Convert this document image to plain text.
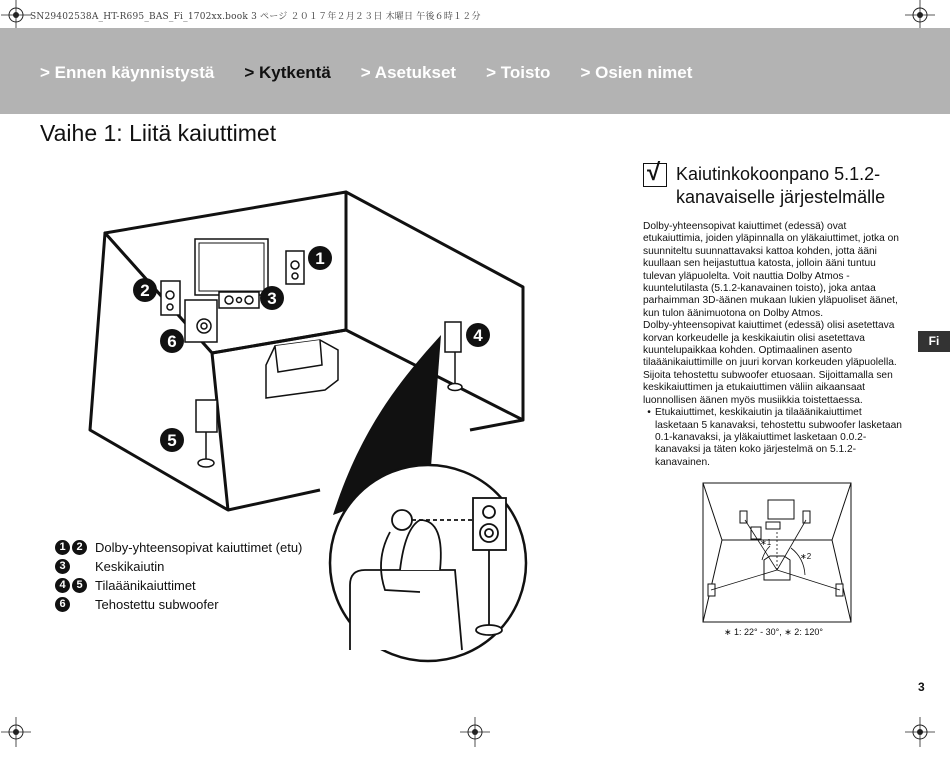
SN29402538A_HT-R695_BAS_Fi_1702xx.book 3 ページ ２０１７年２月２３日 木曜日 午後６時１２分
> Ennen käynnistystä > Kytkentä > Asetukset > Toisto > Osien nimet
Vaihe 1: Liitä kaiuttimet
1
2	3
4
5
6
1 2 Dolby-yhteensopivat kaiuttimet (etu)
3	Keskikaiutin
4 5 Tilaäänikaiuttimet
6	Tehostettu subwoofer
√ Kaiutinkokoonpano 5.1.2-
kanavaiselle järjestelmälle
Dolby-yhteensopivat kaiuttimet (edessä) ovat etukaiuttimia, joiden yläpinnalla on yläkaiuttimet, jotka on suunniteltu suunnattavaksi kattoa kohden, jotta ääni kuullaan sen heijastuttua katosta, jolloin ääni tuntuu tulevan yläpuolelta. Voit nauttia Dolby Atmos -kuuntelutilasta (5.1.2-kanavainen toisto), joka antaa parhaimman 3D-äänen mukaan lukien yläpuoliset äänet, kun tulon äänimuotona on Dolby Atmos.
Dolby-yhteensopivat kaiuttimet (edessä) olisi asetettava korvan korkeudelle ja keskikaiutin olisi asetettava kuuntelupaikkaa kohden. Optimaalinen asento tilaäänikaiuttimille on juuri korvan korkeuden yläpuolella. Sijoita tehostettu subwoofer etuosaan. Sijoittamalla sen keskikaiuttimen ja etukaiuttimen väliin aikaansaat luonnollisen äänen myös musiikkia toistettaessa.
• Etukaiuttimet, keskikaiutin ja tilaäänikaiuttimet lasketaan 5 kanavaksi, tehostettu subwoofer lasketaan 0.1-kanavaksi, ja yläkaiuttimet lasketaan 0.0.2-kanavaksi ja täten koko järjestelmä on 5.1.2-kanavainen.
Fi
∗1
∗2
∗ 1: 22° - 30°, ∗ 2: 120°
3
